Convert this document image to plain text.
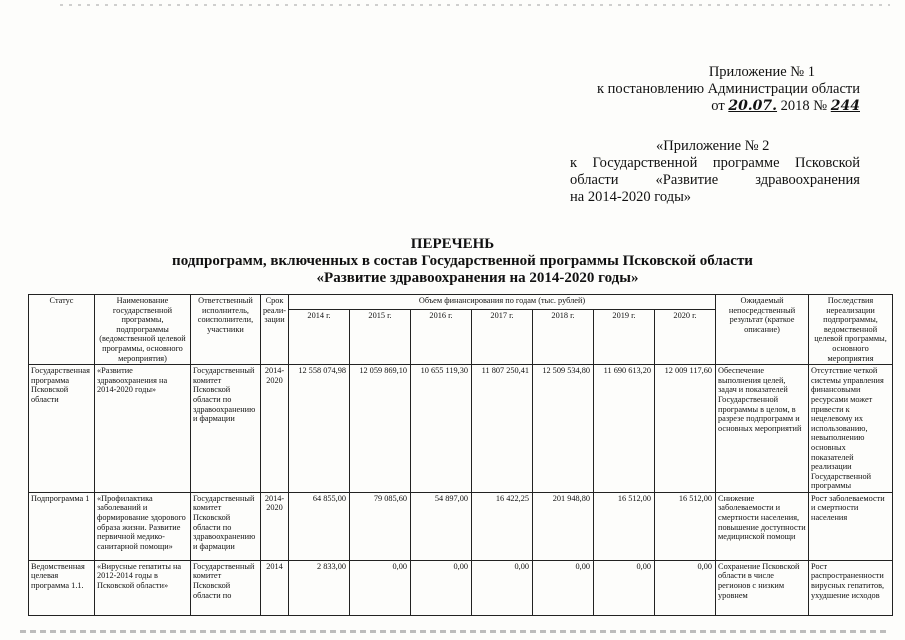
Приложение № 1
к постановлению Администрации области
от 20.07. 2018 № 244
«Приложение № 2
к Государственной программе Псковской
области	«Развитие	здравоохранения
на 2014-2020 годы»
ПЕРЕЧЕНЬ
подпрограмм, включенных в состав Государственной программы Псковской области
«Развитие здравоохранения на 2014-2020 годы»
Статус	Наименование государственной программы, подпрограммы (ведомственной целевой программы, основного мероприятия)	Ответственный исполнитель, соисполнители, участники	Срок реали-зации	Объем финансирования по годам (тыс. рублей)							Ожидаемый непосредственный результат (краткое описание)	Последствия нереализации подпрограммы, ведомственной целевой программы, основного мероприятия
				2014 г.	2015 г.	2016 г.	2017 г.	2018 г.	2019 г.	2020 г.		
Государственная программа Псковской области	«Развитие здравоохранения на 2014-2020 годы»	Государственный комитет Псковской области по здравоохранению и фармации	2014-2020	12 558 074,98	12 059 869,10	10 655 119,30	11 807 250,41	12 509 534,80	11 690 613,20	12 009 117,60	Обеспечение выполнения целей, задач и показателей Государственной программы в целом, в разрезе подпрограмм и основных мероприятий	Отсутствие четкой системы управления финансовыми ресурсами может привести к нецелевому их использованию, невыполнению основных показателей реализации Государственной программы
Подпрограмма 1	«Профилактика заболеваний и формирование здорового образа жизни. Развитие первичной медико-санитарной помощи»	Государственный комитет Псковской области по здравоохранению и фармации	2014-2020	64 855,00	79 085,60	54 897,00	16 422,25	201 948,80	16 512,00	16 512,00	Снижение заболеваемости и смертности населения, повышение доступности медицинской помощи	Рост заболеваемости и смертности населения
Ведомственная целевая программа 1.1.	«Вирусные гепатиты на 2012-2014 годы в Псковской области»	Государственный комитет Псковской области по	2014	2 833,00	0,00	0,00	0,00	0,00	0,00	0,00	Сохранение Псковской области в числе регионов с низким уровнем	Рост распространенности вирусных гепатитов, ухудшение исходов
